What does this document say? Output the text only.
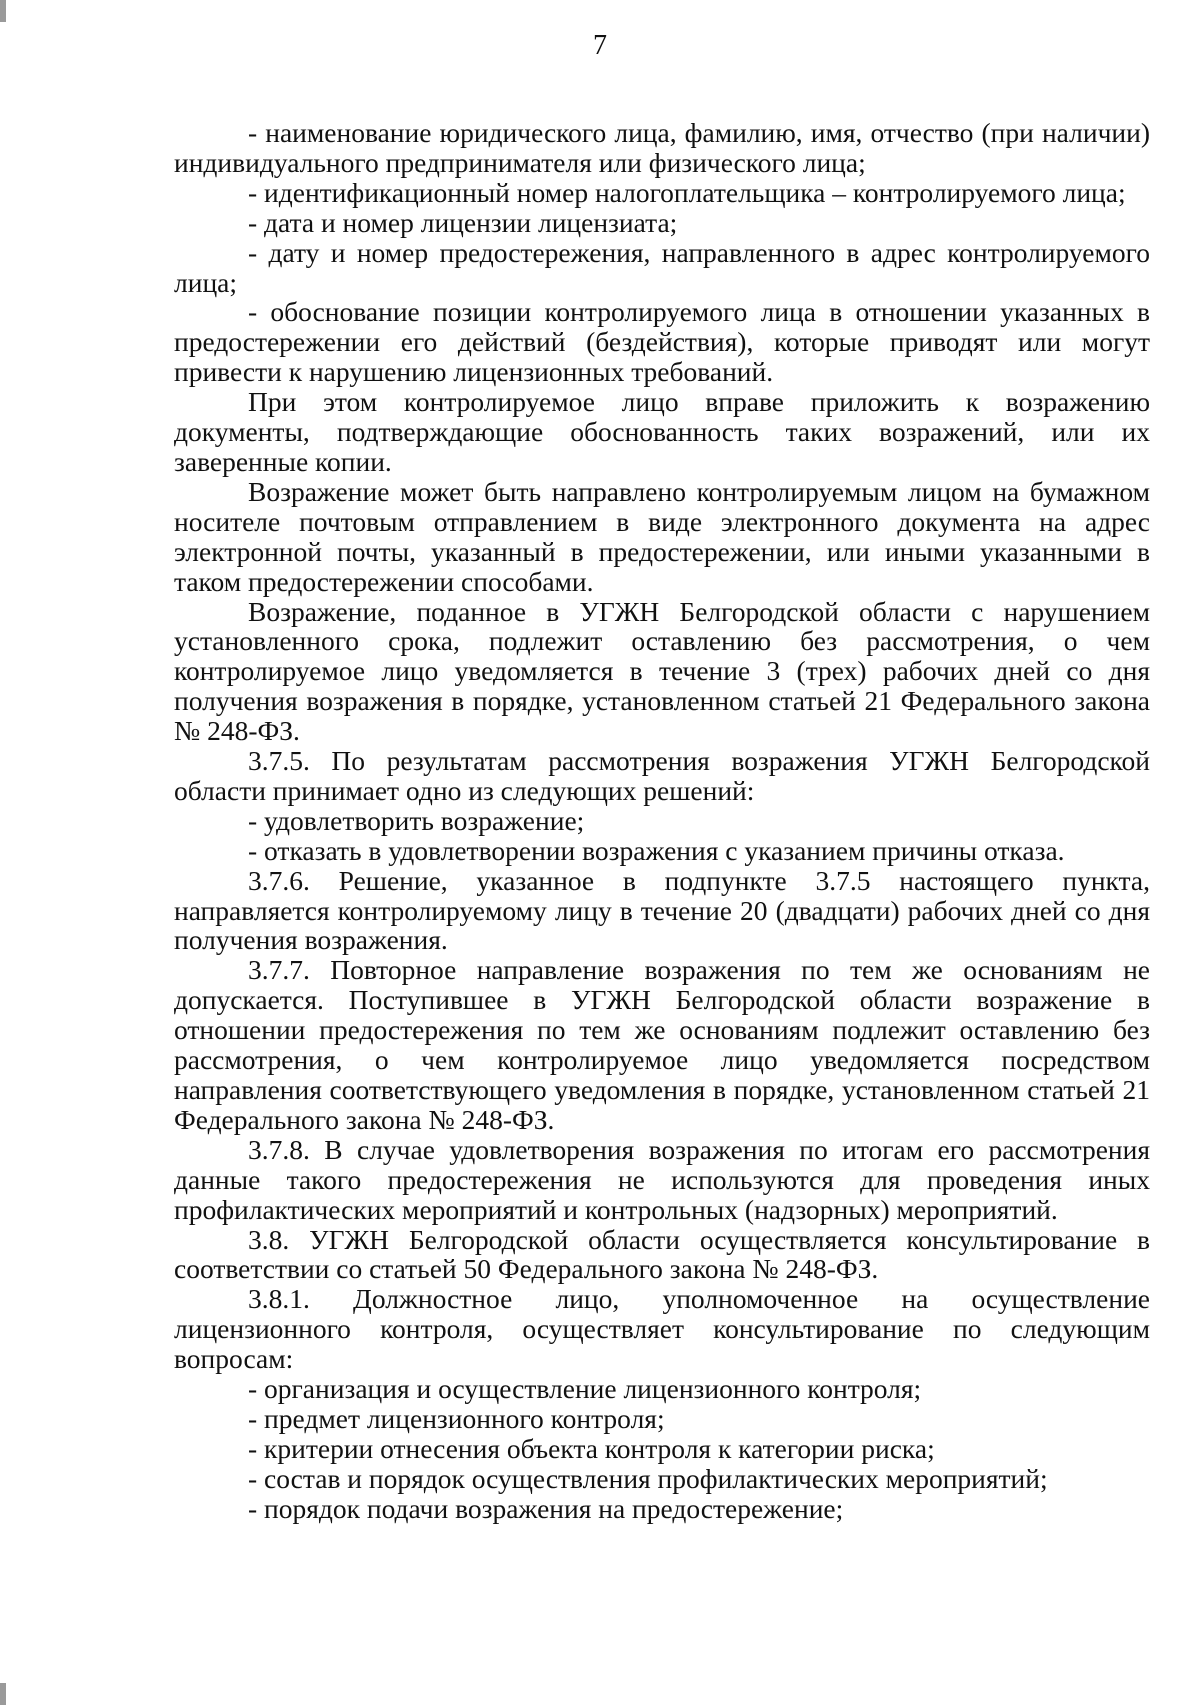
7

- наименование юридического лица, фамилию, имя, отчество (при наличии) индивидуального предпринимателя или физического лица;

- идентификационный номер налогоплательщика – контролируемого лица;

- дата и номер лицензии лицензиата;

- дату и номер предостережения, направленного в адрес контролируемого лица;

- обоснование позиции контролируемого лица в отношении указанных в предостережении его действий (бездействия), которые приводят или могут привести к нарушению лицензионных требований.

При этом контролируемое лицо вправе приложить к возражению документы, подтверждающие обоснованность таких возражений, или их заверенные копии.

Возражение может быть направлено контролируемым лицом на бумажном носителе почтовым отправлением в виде электронного документа на адрес электронной почты, указанный в предостережении, или иными указанными в таком предостережении способами.

Возражение, поданное в УГЖН Белгородской области с нарушением установленного срока, подлежит оставлению без рассмотрения, о чем контролируемое лицо уведомляется в течение 3 (трех) рабочих дней со дня получения возражения в порядке, установленном статьей 21 Федерального закона № 248-ФЗ.

3.7.5. По результатам рассмотрения возражения УГЖН Белгородской области принимает одно из следующих решений:

- удовлетворить возражение;

- отказать в удовлетворении возражения с указанием причины отказа.

3.7.6. Решение, указанное в подпункте 3.7.5 настоящего пункта, направляется контролируемому лицу в течение 20 (двадцати) рабочих дней со дня получения возражения.

3.7.7. Повторное направление возражения по тем же основаниям не допускается. Поступившее в УГЖН Белгородской области возражение в отношении предостережения по тем же основаниям подлежит оставлению без рассмотрения, о чем контролируемое лицо уведомляется посредством направления соответствующего уведомления в порядке, установленном статьей 21 Федерального закона № 248-ФЗ.

3.7.8. В случае удовлетворения возражения по итогам его рассмотрения данные такого предостережения не используются для проведения иных профилактических мероприятий и контрольных (надзорных) мероприятий.

3.8. УГЖН Белгородской области осуществляется консультирование в соответствии со статьей 50 Федерального закона № 248-ФЗ.

3.8.1. Должностное лицо, уполномоченное на осуществление лицензионного контроля, осуществляет консультирование по следующим вопросам:

- организация и осуществление лицензионного контроля;

- предмет лицензионного контроля;

- критерии отнесения объекта контроля к категории риска;

- состав и порядок осуществления профилактических мероприятий;

- порядок подачи возражения на предостережение;
